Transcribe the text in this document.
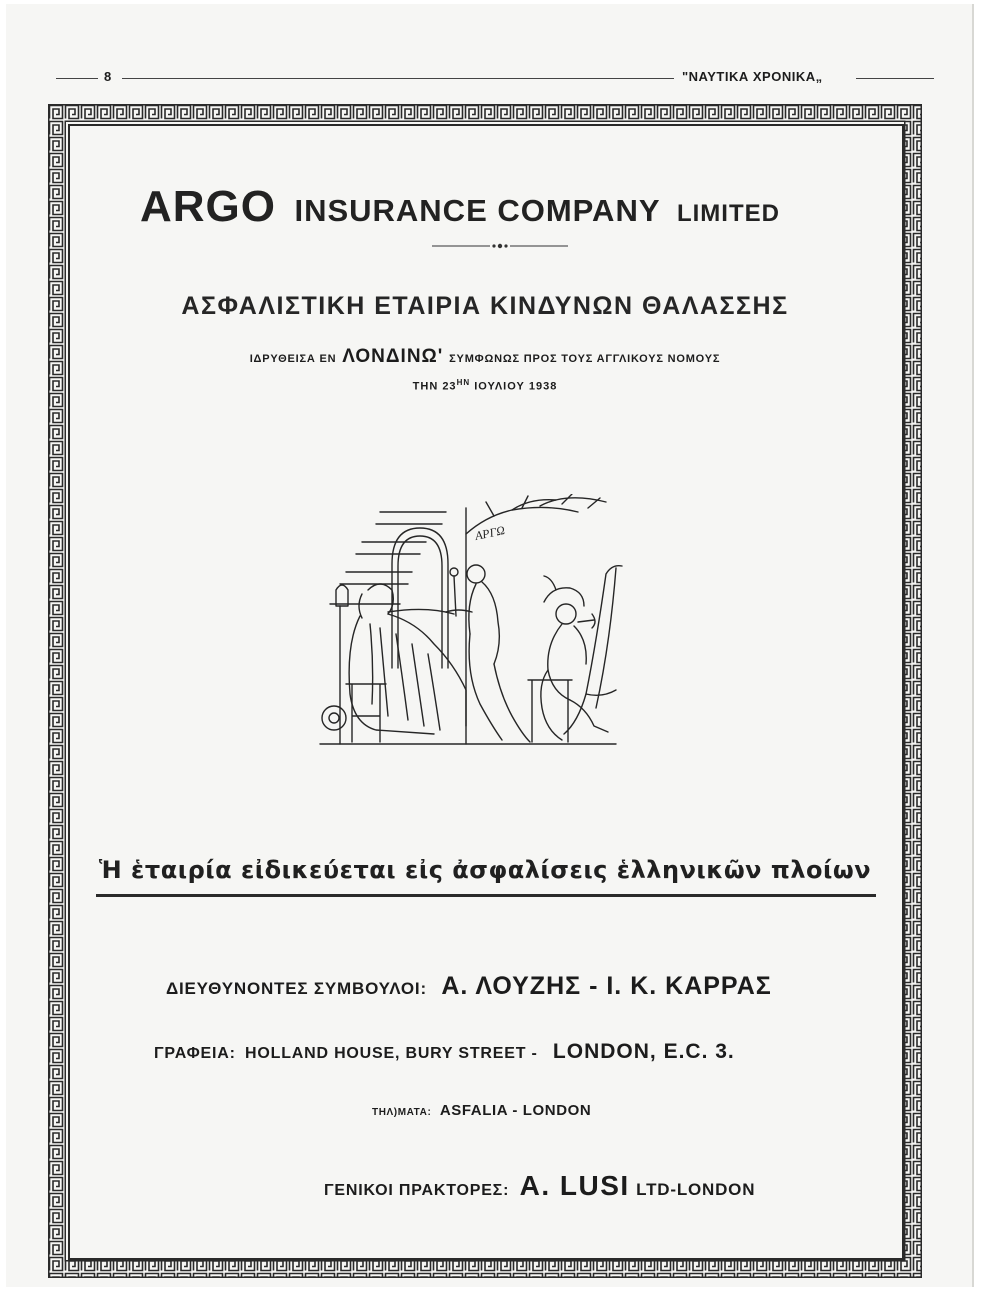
8	"ΝΑΥΤΙΚΑ ΧΡΟΝΙΚΑ„
ARGO INSURANCE COMPANY LIMITED
ΑΣΦΑΛΙΣΤΙΚΗ ΕΤΑΙΡΙΑ ΚΙΝΔΥΝΩΝ ΘΑΛΑΣΣΗΣ
ΙΔΡΥΘΕΙΣΑ ΕΝ ΛΟΝΔΙΝΩ' ΣΥΜΦΩΝΩΣ ΠΡΟΣ ΤΟΥΣ ΑΓΓΛΙΚΟΥΣ ΝΟΜΟΥΣ
ΤΗΝ $23^{HN}$ ΙΟΥΛΙΟΥ 1938
ΑΡΓΩ
Ἡ ἑταιρία εἰδικεύεται εἰς ἀσφαλίσεις ἑλληνικῶν πλοίων
ΔΙΕΥΘΥΝΟΝΤΕΣ ΣΥΜΒΟΥΛΟΙ: Α. ΛΟΥΖΗΣ - Ι. Κ. ΚΑΡΡΑΣ
ΓΡΑΦΕΙΑ: HOLLAND HOUSE, BURY STREET - LONDON, E.C. 3.
ΤΗΛ)ΜΑΤΑ: ASFALIA - LONDON
ΓΕΝΙΚΟΙ ΠΡΑΚΤΟΡΕΣ: A. LUSI LTD-LONDON
